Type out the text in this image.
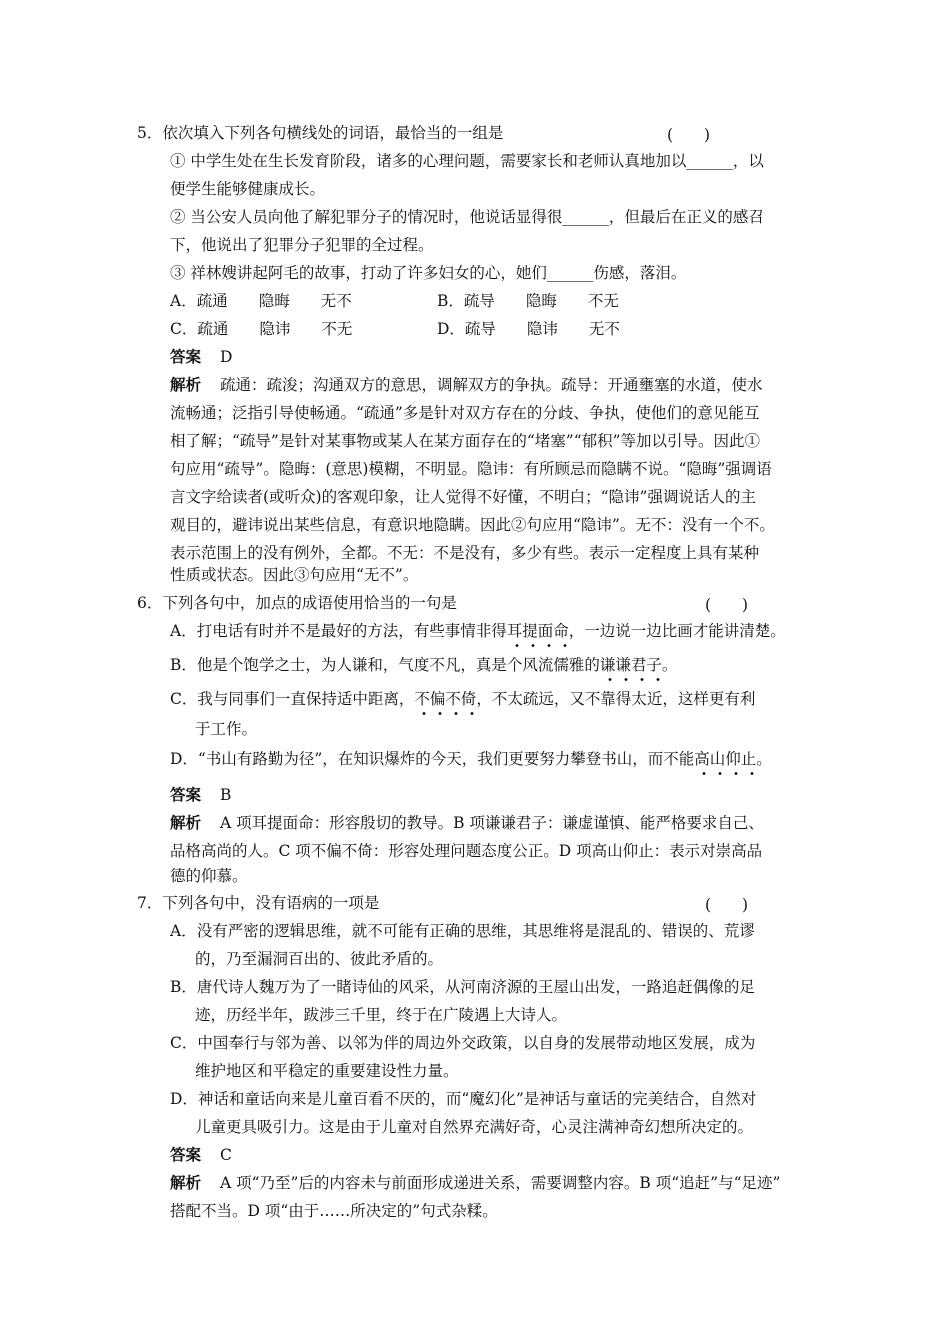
5．依次填入下列各句横线处的词语，最恰当的一组是	(　　)
① 中学生处在生长发育阶段，诸多的心理问题，需要家长和老师认真地加以______，以
便学生能够健康成长。
② 当公安人员向他了解犯罪分子的情况时，他说话显得很______，但最后在正义的感召
下，他说出了犯罪分子犯罪的全过程。
③ 祥林嫂讲起阿毛的故事，打动了许多妇女的心，她们______伤感，落泪。
A．疏通　　隐晦　　无不	B．疏导　　隐晦　　不无
C．疏通　　隐讳　　不无	D．疏导　　隐讳　　无不
答案 D
解析 疏通：疏浚；沟通双方的意思，调解双方的争执。疏导：开通壅塞的水道，使水
流畅通；泛指引导使畅通。“疏通”多是针对双方存在的分歧、争执，使他们的意见能互
相了解；“疏导”是针对某事物或某人在某方面存在的“堵塞”“郁积”等加以引导。因此①
句应用“疏导”。隐晦：(意思)模糊，不明显。隐讳：有所顾忌而隐瞒不说。“隐晦”强调语
言文字给读者(或听众)的客观印象，让人觉得不好懂，不明白；“隐讳”强调说话人的主
观目的，避讳说出某些信息，有意识地隐瞒。因此②句应用“隐讳”。无不：没有一个不。
表示范围上的没有例外，全都。不无：不是没有，多少有些。表示一定程度上具有某种
性质或状态。因此③句应用“无不”。
6．下列各句中，加点的成语使用恰当的一句是	(　　)
A．打电话有时并不是最好的方法，有些事情非得耳提面命，一边说一边比画才能讲清楚。
B．他是个饱学之士，为人谦和，气度不凡，真是个风流儒雅的谦谦君子。
C．我与同事们一直保持适中距离，不偏不倚，不太疏远，又不靠得太近，这样更有利
于工作。
D．“书山有路勤为径”，在知识爆炸的今天，我们更要努力攀登书山，而不能高山仰止。
答案 B
解析 A 项耳提面命：形容殷切的教导。B 项谦谦君子：谦虚谨慎、能严格要求自己、
品格高尚的人。C 项不偏不倚：形容处理问题态度公正。D 项高山仰止：表示对崇高品
德的仰慕。
7．下列各句中，没有语病的一项是	(　　)
A．没有严密的逻辑思维，就不可能有正确的思维，其思维将是混乱的、错误的、荒谬
的，乃至漏洞百出的、彼此矛盾的。
B．唐代诗人魏万为了一睹诗仙的风采，从河南济源的王屋山出发，一路追赶偶像的足
迹，历经半年，跋涉三千里，终于在广陵遇上大诗人。
C．中国奉行与邻为善、以邻为伴的周边外交政策，以自身的发展带动地区发展，成为
维护地区和平稳定的重要建设性力量。
D．神话和童话向来是儿童百看不厌的，而“魔幻化”是神话与童话的完美结合，自然对
儿童更具吸引力。这是由于儿童对自然界充满好奇，心灵注满神奇幻想所决定的。
答案 C
解析 A 项“乃至”后的内容未与前面形成递进关系，需要调整内容。B 项“追赶”与“足迹”
搭配不当。D 项“由于……所决定的”句式杂糅。
